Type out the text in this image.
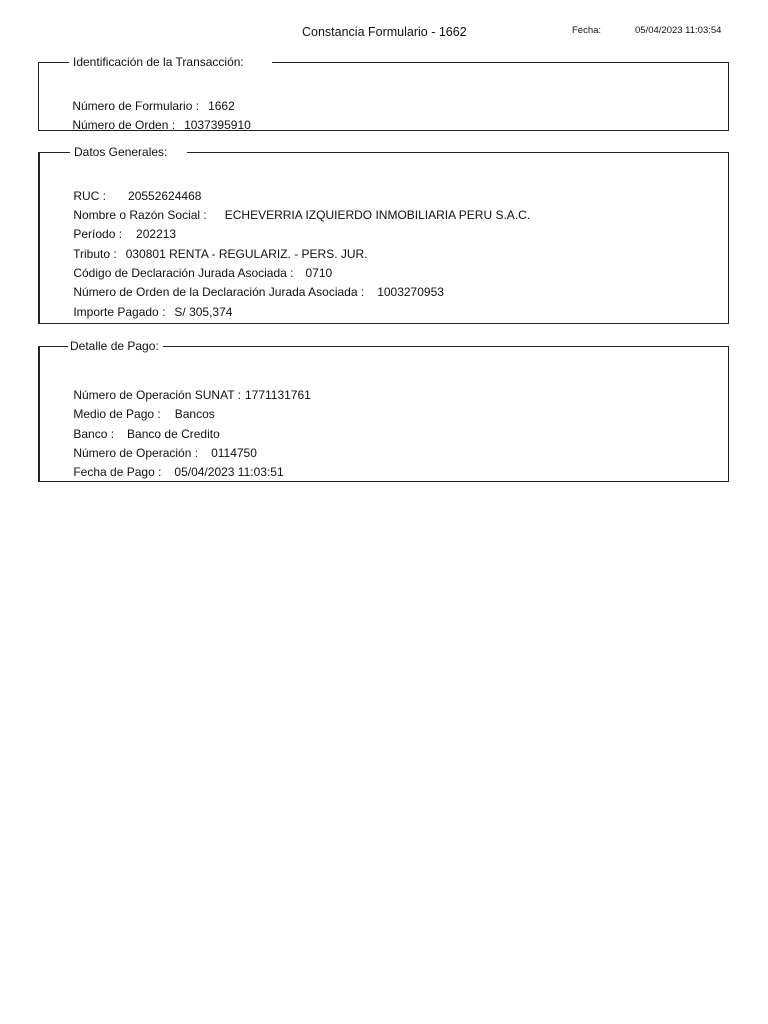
Constancia Formulario - 1662	Fecha:	05/04/2023 11:03:54
Identificación de la Transacción:

Número de Formulario : 1662

Número de Orden : 1037395910

Datos Generales:

RUC : 20552624468

Nombre o Razón Social : ECHEVERRIA IZQUIERDO INMOBILIARIA PERU S.A.C.

Período : 202213

Tributo : 030801 RENTA - REGULARIZ. - PERS. JUR.

Código de Declaración Jurada Asociada : 0710

Número de Orden de la Declaración Jurada Asociada : 1003270953

Importe Pagado : S/ 305,374

Detalle de Pago:

Número de Operación SUNAT : 1771131761

Medio de Pago : Bancos

Banco : Banco de Credito

Número de Operación : 0114750

Fecha de Pago : 05/04/2023 11:03:51
